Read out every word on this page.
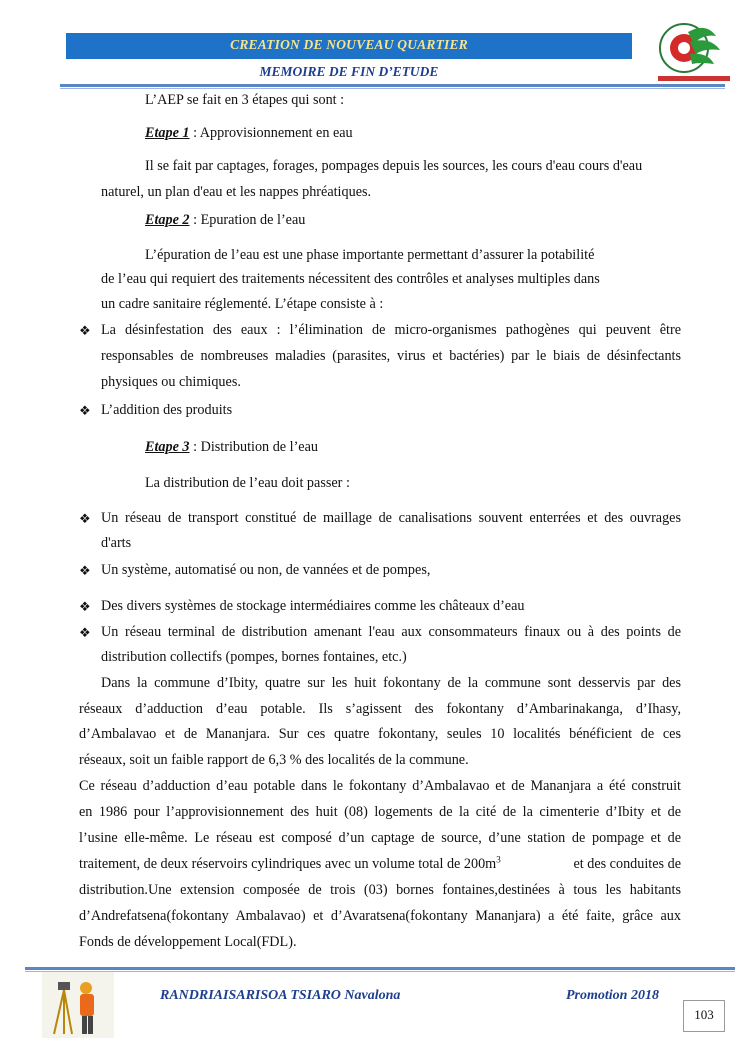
CREATION DE NOUVEAU QUARTIER
MEMOIRE DE FIN D’ETUDE
L’AEP se fait en 3 étapes qui sont :
Etape 1 : Approvisionnement en eau
Il se fait par captages, forages, pompages depuis les sources, les cours d'eau cours d'eau
naturel, un plan d'eau et les nappes phréatiques.
Etape 2 : Epuration de l’eau
L’épuration de l’eau est une phase importante permettant d’assurer la potabilité
de l’eau qui requiert des traitements nécessitent des contrôles et analyses multiples dans
un cadre sanitaire réglementé. L’étape consiste à :
❖ La désinfestation des eaux : l’élimination de micro-organismes pathogènes qui peuvent être
responsables de nombreuses maladies (parasites, virus et bactéries) par le biais de désinfectants
physiques ou chimiques.
❖ L’addition des produits
Etape 3 : Distribution de l’eau
La distribution de l’eau doit passer :
❖ Un réseau de transport constitué de maillage de canalisations souvent enterrées et des ouvrages
d'arts
❖ Un système, automatisé ou non, de vannées et de pompes,
❖ Des divers systèmes de stockage intermédiaires comme les châteaux d’eau
❖ Un réseau terminal de distribution amenant l'eau aux consommateurs finaux ou à des points de
distribution collectifs (pompes, bornes fontaines, etc.)
Dans la commune d’Ibity, quatre sur les huit fokontany de la commune sont desservis par des
réseaux d’adduction d’eau potable. Ils s’agissent des fokontany d’Ambarinakanga, d’Ihasy,
d’Ambalavao et de Mananjara. Sur ces quatre fokontany, seules 10 localités bénéficient de ces
réseaux, soit un faible rapport de 6,3 % des localités de la commune.
Ce réseau d’adduction d’eau potable dans le fokontany d’Ambalavao et de Mananjara a été construit
en 1986 pour l’approvisionnement des huit (08) logements de la cité de la cimenterie d’Ibity et de
l’usine elle-même. Le réseau est composé d’un captage de source, d’une station de pompage et de
traitement, de deux réservoirs cylindriques avec un volume total de $200m^3$	et des conduites de
distribution.Une extension composée de trois (03) bornes fontaines,destinées à tous les habitants
d’Andrefatsena(fokontany Ambalavao) et d’Avaratsena(fokontany Mananjara) a été faite, grâce aux
Fonds de développement Local(FDL).
RANDRIAISARISOA TSIARO Navalona	Promotion 2018
103
